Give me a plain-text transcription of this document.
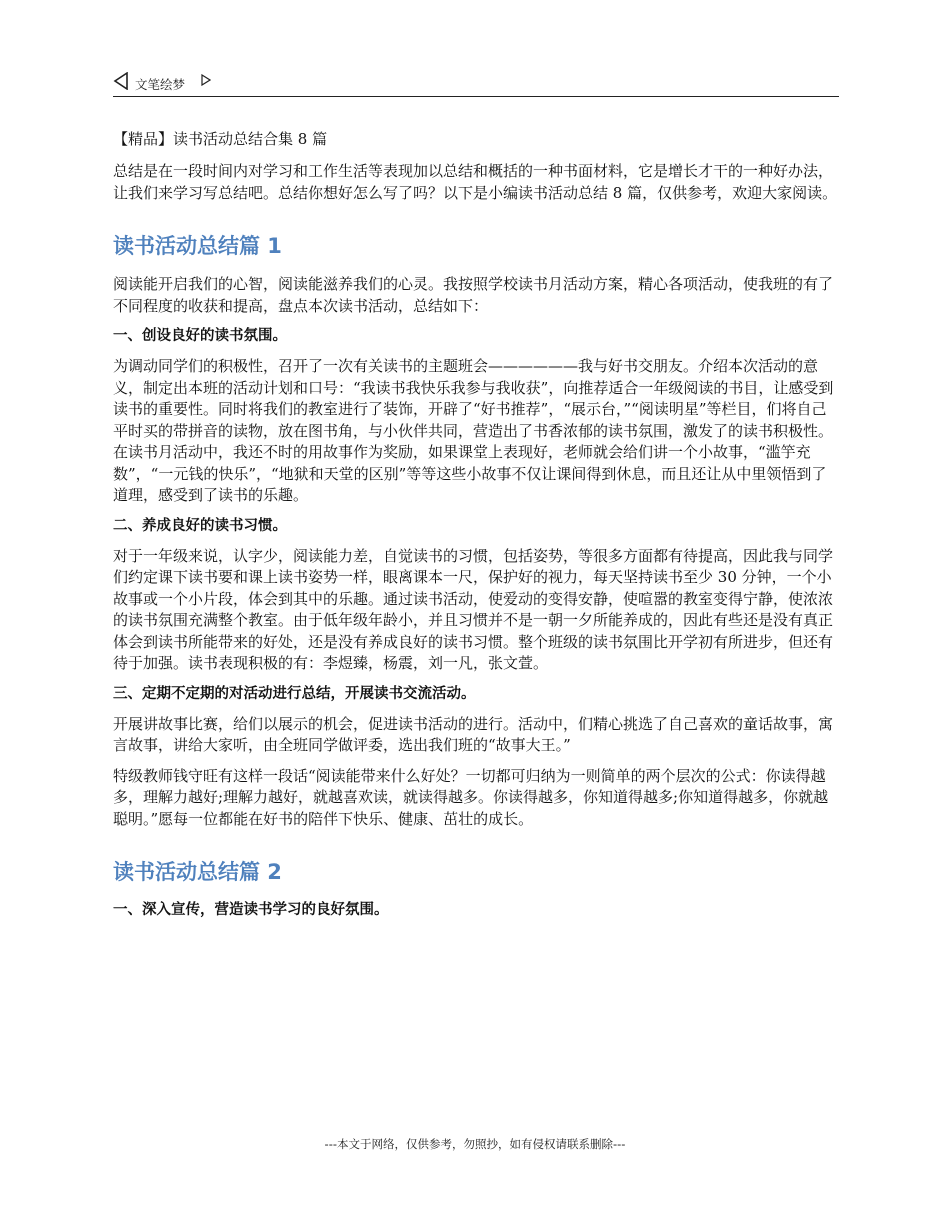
文笔绘梦
【精品】读书活动总结合集 8 篇

总结是在一段时间内对学习和工作生活等表现加以总结和概括的一种书面材料，它是增长才干的一种好办法，让我们来学习写总结吧。总结你想好怎么写了吗？以下是小编读书活动总结 8 篇，仅供参考，欢迎大家阅读。

读书活动总结篇 1

阅读能开启我们的心智，阅读能滋养我们的心灵。我按照学校读书月活动方案，精心各项活动，使我班的有了不同程度的收获和提高，盘点本次读书活动，总结如下：

一、创设良好的读书氛围。

为调动同学们的积极性，召开了一次有关读书的主题班会——————我与好书交朋友。介绍本次活动的意义，制定出本班的活动计划和口号：“我读书我快乐我参与我收获”，向推荐适合一年级阅读的书目，让感受到读书的重要性。同时将我们的教室进行了装饰，开辟了“好书推荐”，“展示台，”“阅读明星”等栏目，们将自己平时买的带拼音的读物，放在图书角，与小伙伴共同，营造出了书香浓郁的读书氛围，激发了的读书积极性。在读书月活动中，我还不时的用故事作为奖励，如果课堂上表现好，老师就会给们讲一个小故事，“滥竽充数”，“一元钱的快乐”，“地狱和天堂的区别”等等这些小故事不仅让课间得到休息，而且还让从中里领悟到了道理，感受到了读书的乐趣。

二、养成良好的读书习惯。

对于一年级来说，认字少，阅读能力差，自觉读书的习惯，包括姿势，等很多方面都有待提高，因此我与同学们约定课下读书要和课上读书姿势一样，眼离课本一尺，保护好的视力，每天坚持读书至少 30 分钟，一个小故事或一个小片段，体会到其中的乐趣。通过读书活动，使爱动的变得安静，使喧嚣的教室变得宁静，使浓浓的读书氛围充满整个教室。由于低年级年龄小，并且习惯并不是一朝一夕所能养成的，因此有些还是没有真正体会到读书所能带来的好处，还是没有养成良好的读书习惯。整个班级的读书氛围比开学初有所进步，但还有待于加强。读书表现积极的有：李煜臻，杨震，刘一凡，张文萱。

三、定期不定期的对活动进行总结，开展读书交流活动。

开展讲故事比赛，给们以展示的机会，促进读书活动的进行。活动中，们精心挑选了自己喜欢的童话故事，寓言故事，讲给大家听，由全班同学做评委，选出我们班的“故事大王。”

特级教师钱守旺有这样一段话“阅读能带来什么好处？一切都可归纳为一则简单的两个层次的公式：你读得越多，理解力越好;理解力越好，就越喜欢读，就读得越多。你读得越多，你知道得越多;你知道得越多，你就越聪明。”愿每一位都能在好书的陪伴下快乐、健康、茁壮的成长。

读书活动总结篇 2
一、深入宣传，营造读书学习的良好氛围。
---本文于网络，仅供参考，勿照抄，如有侵权请联系删除---
